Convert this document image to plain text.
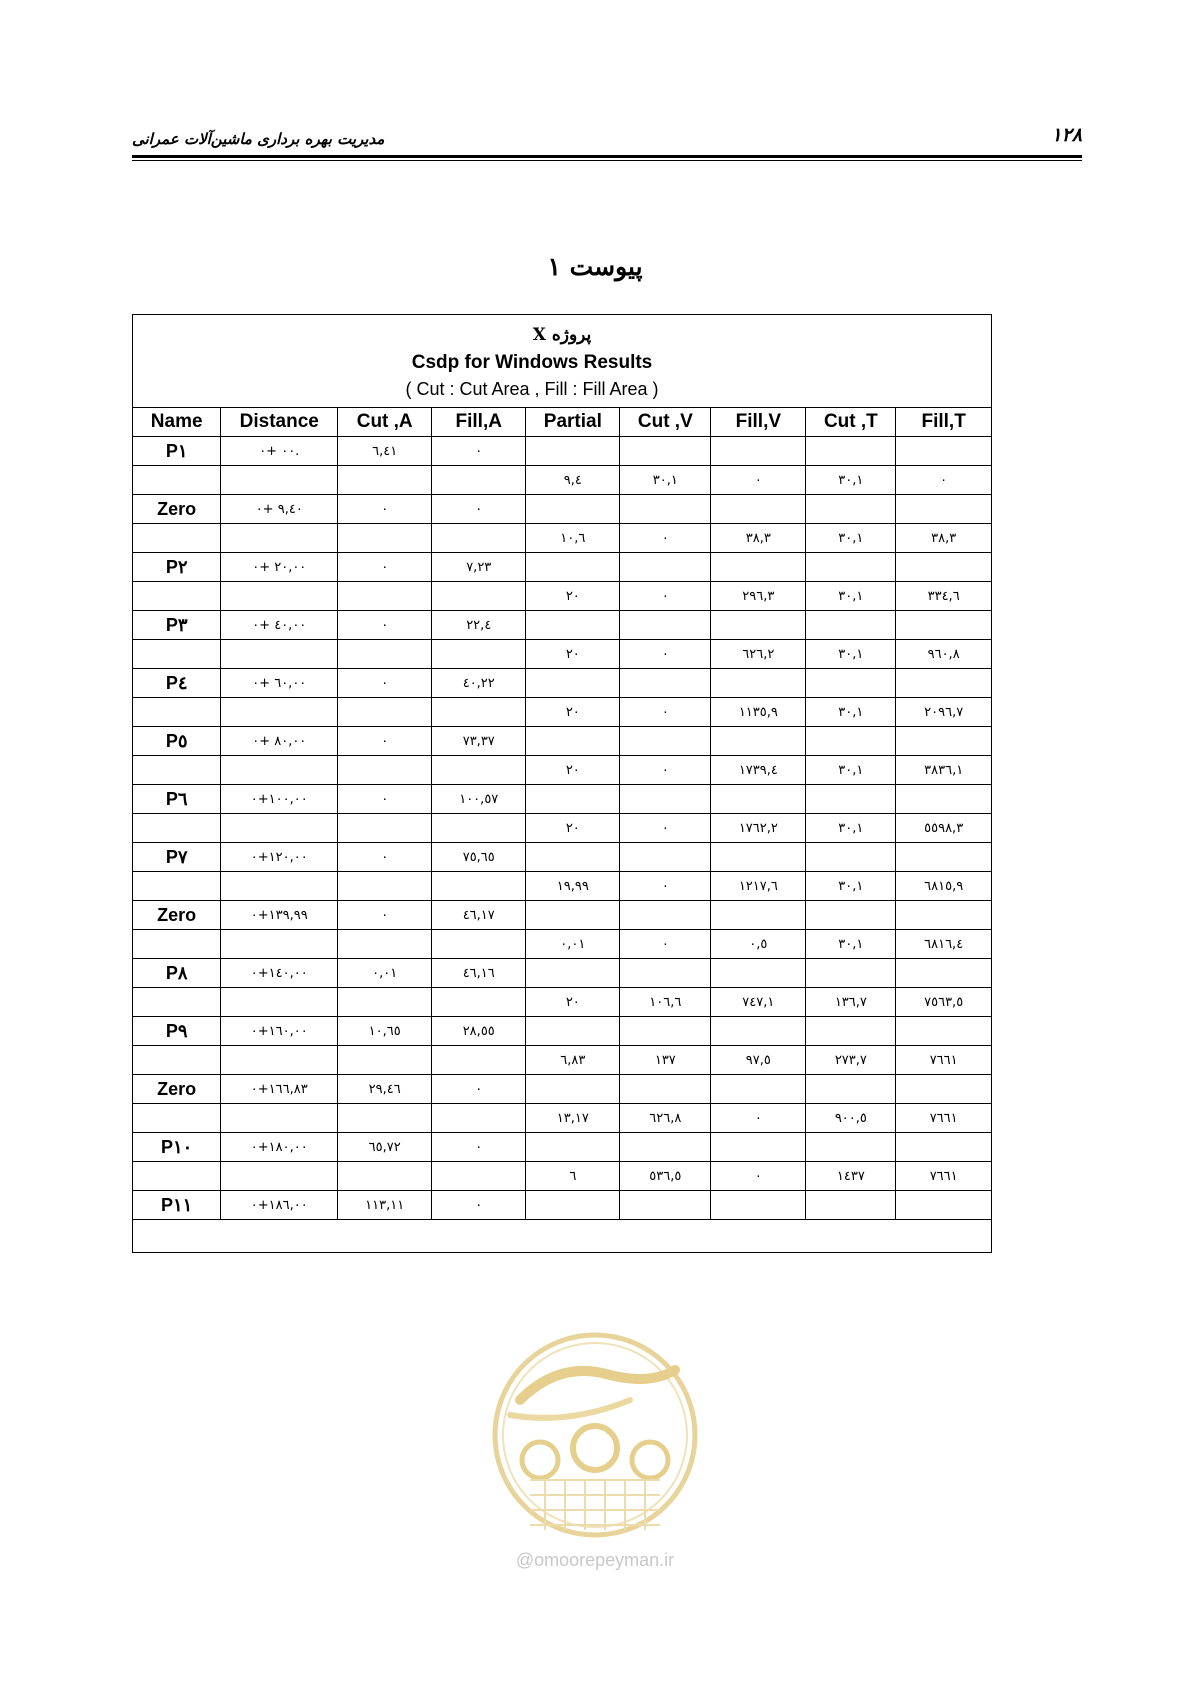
۱۲۸
مدیریت بهره برداری ماشین‌آلات عمرانی
پیوست ۱
پروژه X
Csdp for Windows Results
( Cut : Cut Area , Fill : Fill Area )
Name	Distance	Cut ,A	Fill,A	Partial	Cut ,V	Fill,V	Cut ,T	Fill,T
P۱	۰+ ۰۰.	٦,٤١	۰					
				۹,٤	۳۰,۱	۰	۳۰,۱	۰
Zero	۰+ ۹,٤۰	۰	۰					
				۱۰,٦	۰	۳۸,۳	۳۰,۱	۳۸,۳
P۲	۰+ ۲۰,۰۰	۰	۷,۲۳					
				۲۰	۰	۲۹٦,۳	۳۰,۱	۳۳٤,٦
P۳	۰+ ٤۰,۰۰	۰	۲۲,٤					
				۲۰	۰	٦۲٦,۲	۳۰,۱	۹٦۰,۸
P٤	۰+ ٦۰,۰۰	۰	٤۰,۲۲					
				۲۰	۰	۱۱۳٥,۹	۳۰,۱	۲۰۹٦,۷
P٥	۰+ ۸۰,۰۰	۰	۷۳,۳۷					
				۲۰	۰	۱۷۳۹,٤	۳۰,۱	۳۸۳٦,۱
P٦	۰+۱۰۰,۰۰	۰	۱۰۰,٥۷					
				۲۰	۰	۱۷٦۲,۲	۳۰,۱	٥٥۹۸,۳
P۷	۰+۱۲۰,۰۰	۰	۷٥,٦٥					
				۱۹,۹۹	۰	۱۲۱۷,٦	۳۰,۱	٦۸۱٥,۹
Zero	۰+۱۳۹,۹۹	۰	٤٦,۱۷					
				۰,۰۱	۰	۰,٥	۳۰,۱	٦۸۱٦,٤
P۸	۰+۱٤۰,۰۰	۰,۰۱	٤٦,۱٦					
				۲۰	۱۰٦,٦	۷٤۷,۱	۱۳٦,۷	۷٥٦۳,٥
P۹	۰+۱٦۰,۰۰	۱۰,٦٥	۲۸,٥٥					
				٦,۸۳	۱۳۷	۹۷,٥	۲۷۳,۷	۷٦٦۱
Zero	۰+۱٦٦,۸۳	۲۹,٤٦	۰					
				۱۳,۱۷	٦۲٦,۸	۰	۹۰۰,٥	۷٦٦۱
P۱۰	۰+۱۸۰,۰۰	٦٥,۷۲	۰					
				٦	٥۳٦,٥	۰	۱٤۳۷	۷٦٦۱
P۱۱	۰+۱۸٦,۰۰	۱۱۳,۱۱	۰					

@omoorepeyman.ir
